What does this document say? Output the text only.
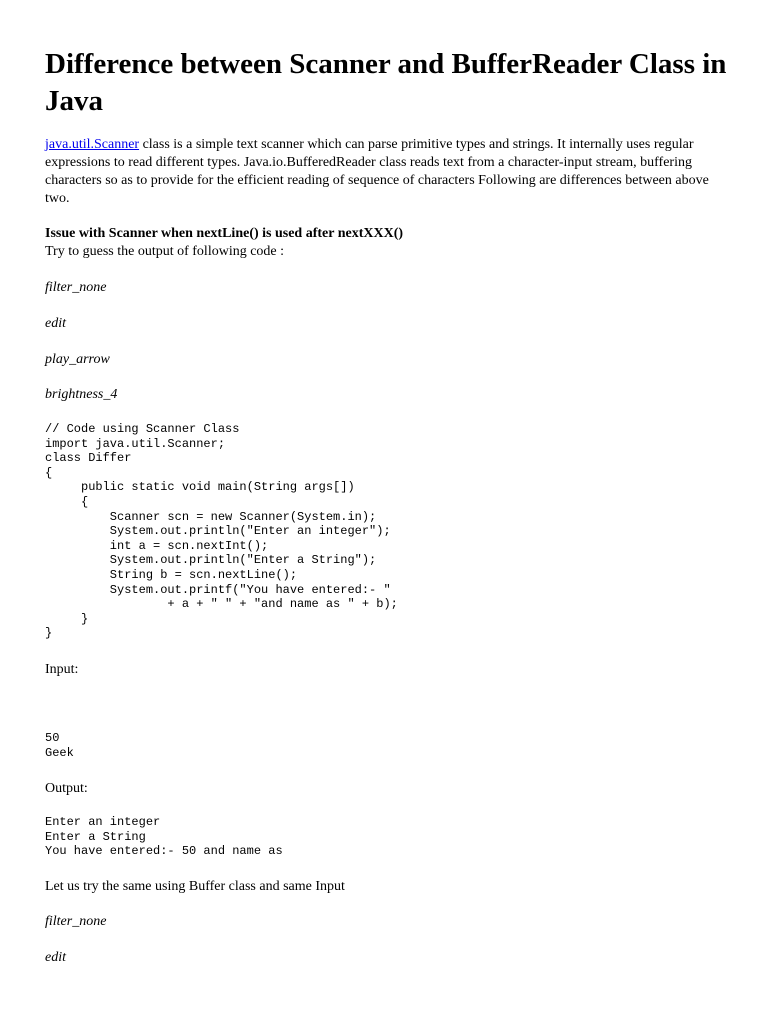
Difference between Scanner and BufferReader Class in Java

java.util.Scanner class is a simple text scanner which can parse primitive types and strings. It internally uses regular expressions to read different types. Java.io.BufferedReader class reads text from a character-input stream, buffering characters so as to provide for the efficient reading of sequence of characters Following are differences between above two.

Issue with Scanner when nextLine() is used after nextXXX()
Try to guess the output of following code :
filter_none
edit
play_arrow
brightness_4
// Code using Scanner Class
import java.util.Scanner;
class Differ
{
public static void main(String args[])
{
Scanner scn = new Scanner(System.in);
System.out.println("Enter an integer");
int a = scn.nextInt();
System.out.println("Enter a String");
String b = scn.nextLine();
System.out.printf("You have entered:- "
+ a + " " + "and name as " + b);
}
}
Input:
50
Geek
Output:
Enter an integer
Enter a String
You have entered:- 50 and name as
Let us try the same using Buffer class and same Input
filter_none
edit
